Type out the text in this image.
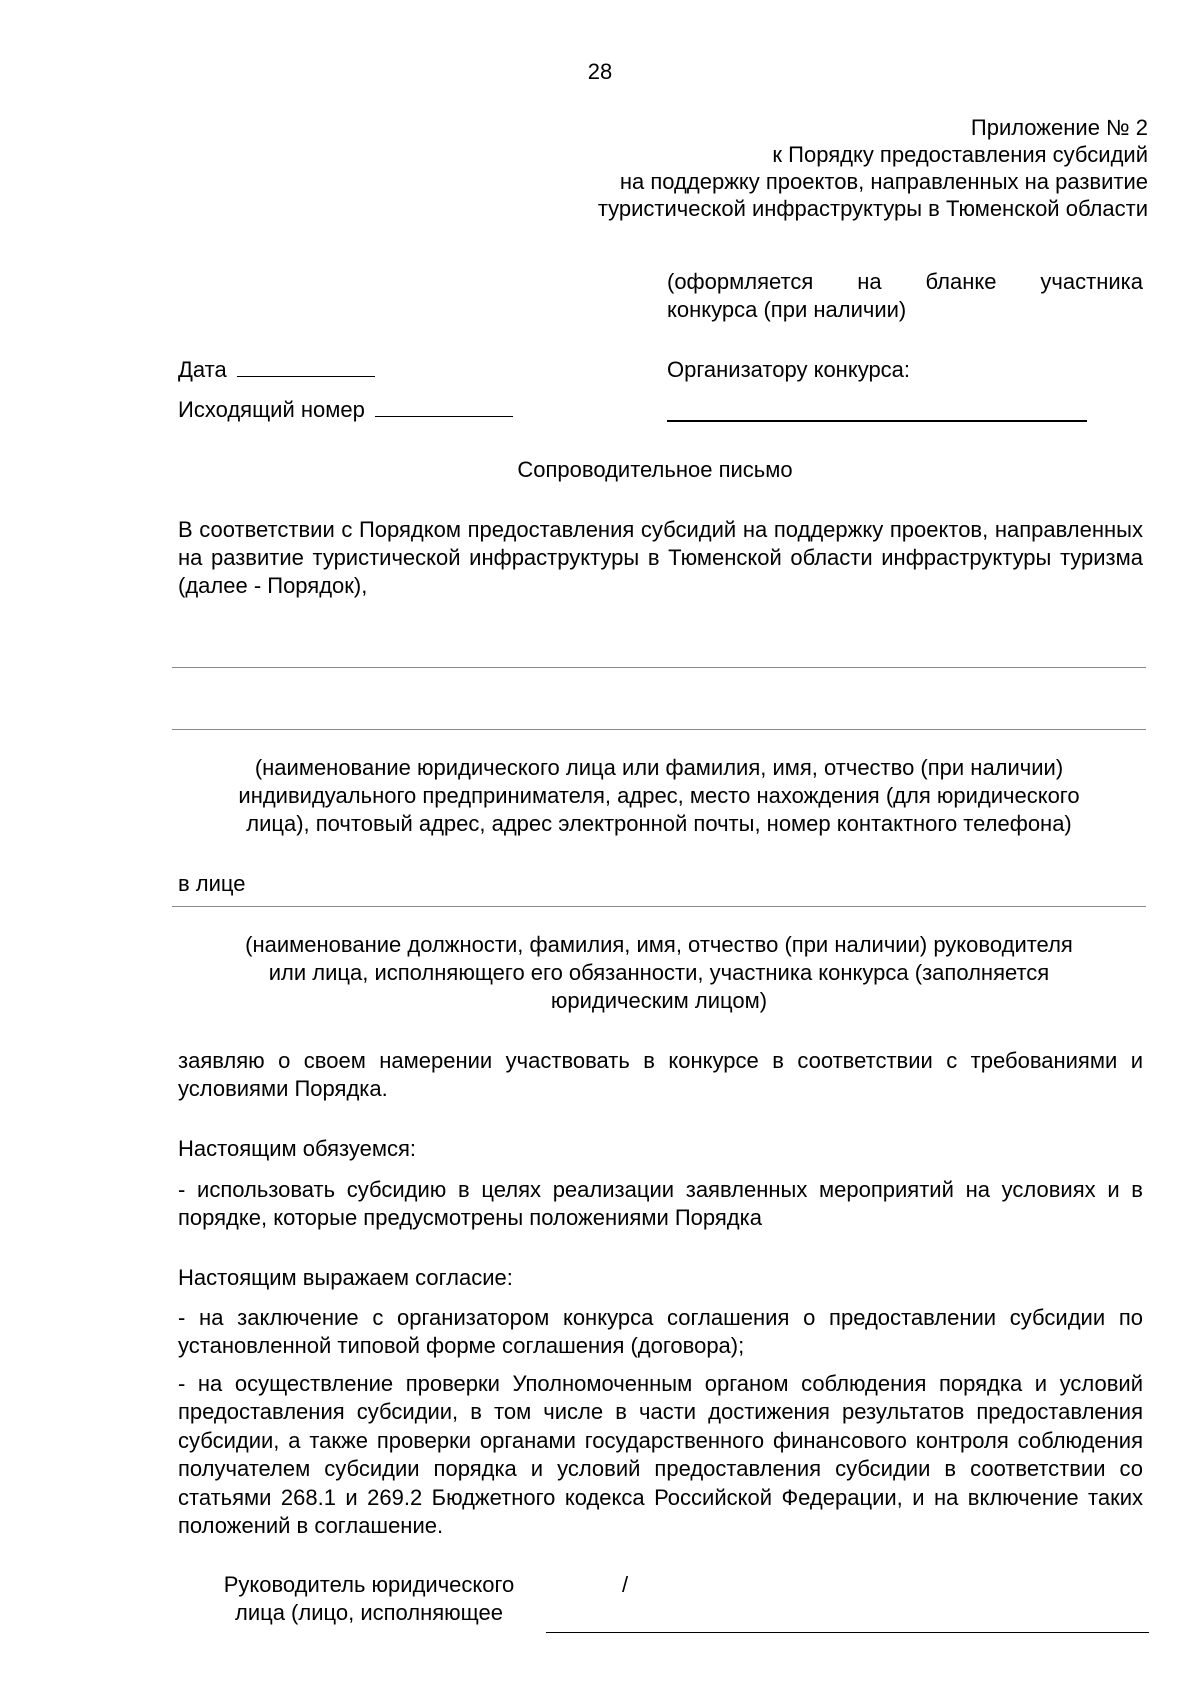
28
Приложение № 2
к Порядку предоставления субсидий
на поддержку проектов, направленных на развитие
туристической инфраструктуры в Тюменской области
(оформляется на бланке участника
конкурса (при наличии)
Дата
Исходящий номер
Организатору конкурса:
Сопроводительное письмо
В соответствии с Порядком предоставления субсидий на поддержку проектов, направленных на развитие туристической инфраструктуры в Тюменской области инфраструктуры туризма (далее - Порядок),
(наименование юридического лица или фамилия, имя, отчество (при наличии)
индивидуального предпринимателя, адрес, место нахождения (для юридического
лица), почтовый адрес, адрес электронной почты, номер контактного телефона)
в лице
(наименование должности, фамилия, имя, отчество (при наличии) руководителя
или лица, исполняющего его обязанности, участника конкурса (заполняется
юридическим лицом)
заявляю о своем намерении участвовать в конкурсе в соответствии с требованиями и условиями Порядка.
Настоящим обязуемся:
- использовать субсидию в целях реализации заявленных мероприятий на условиях и в порядке, которые предусмотрены положениями Порядка
Настоящим выражаем согласие:
- на заключение с организатором конкурса соглашения о предоставлении субсидии по установленной типовой форме соглашения (договора);
- на осуществление проверки Уполномоченным органом соблюдения порядка и условий предоставления субсидии, в том числе в части достижения результатов предоставления субсидии, а также проверки органами государственного финансового контроля соблюдения получателем субсидии порядка и условий предоставления субсидии в соответствии со статьями 268.1 и 269.2 Бюджетного кодекса Российской Федерации, и на включение таких положений в соглашение.
Руководитель юридического
лица (лицо, исполняющее
/
